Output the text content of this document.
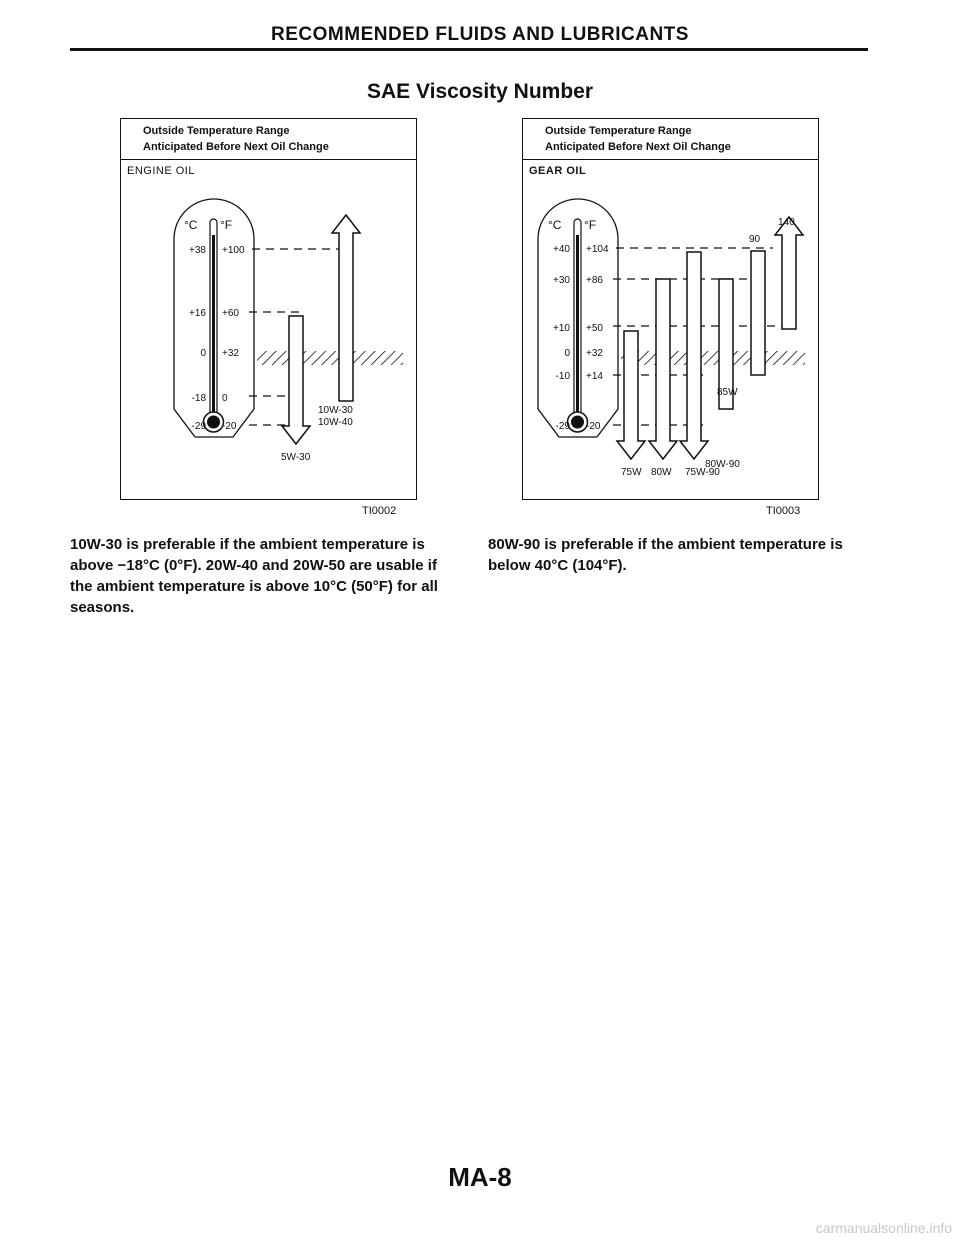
RECOMMENDED FLUIDS AND LUBRICANTS
SAE Viscosity Number
Outside Temperature Range
Anticipated Before Next Oil Change
ENGINE OIL
°C °F
+38 +100
+16 +60
0 +32
-18 0
-29 -20
10W-30
10W-40
5W-30
TI0002
Outside Temperature Range
Anticipated Before Next Oil Change
GEAR OIL
°C °F
+40 +104
+30 +86
+10 +50
0 +32
-10 +14
-29 -20
75W 80W 75W-90
85W
90
140
80W-90
TI0003
10W-30 is preferable if the ambient temperature is above −18°C (0°F). 20W-40 and 20W-50 are usable if the ambient temperature is above 10°C (50°F) for all seasons.
80W-90 is preferable if the ambient temperature is below 40°C (104°F).
MA-8
carmanualsonline.info
